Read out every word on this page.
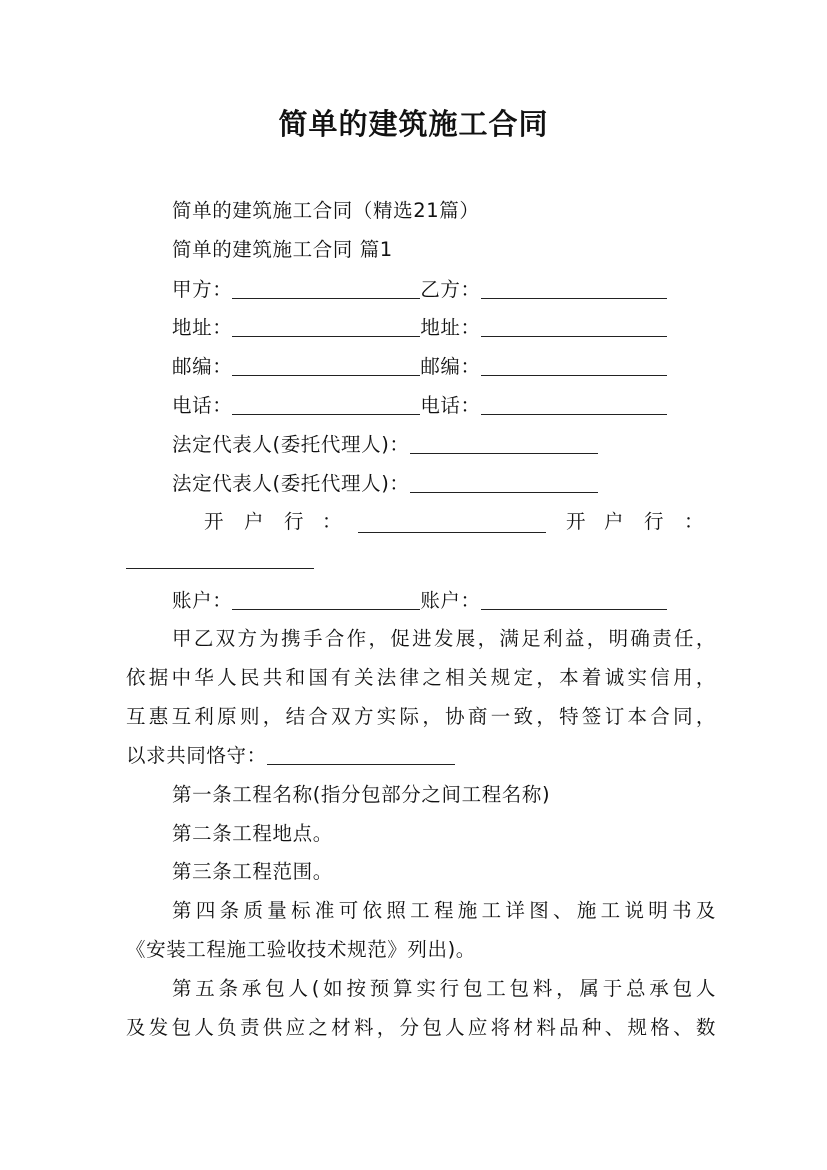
简单的建筑施工合同
简单的建筑施工合同（精选21篇）
简单的建筑施工合同 篇1
甲方：	乙方：
地址：	地址：
邮编：	邮编：
电话：	电话：
法定代表人(委托代理人)：
法定代表人(委托代理人)：
开 户 行 ：	开 户 行 ：
账户：	账户：
甲乙双方为携手合作，促进发展，满足利益，明确责任，
依据中华人民共和国有关法律之相关规定，本着诚实信用，
互惠互利原则，结合双方实际，协商一致，特签订本合同，
以求共同恪守：
第一条工程名称(指分包部分之间工程名称)
第二条工程地点。
第三条工程范围。
第四条质量标准可依照工程施工详图、施工说明书及
《安装工程施工验收技术规范》列出)。
第五条承包人(如按预算实行包工包料，属于总承包人
及发包人负责供应之材料，分包人应将材料品种、规格、数
